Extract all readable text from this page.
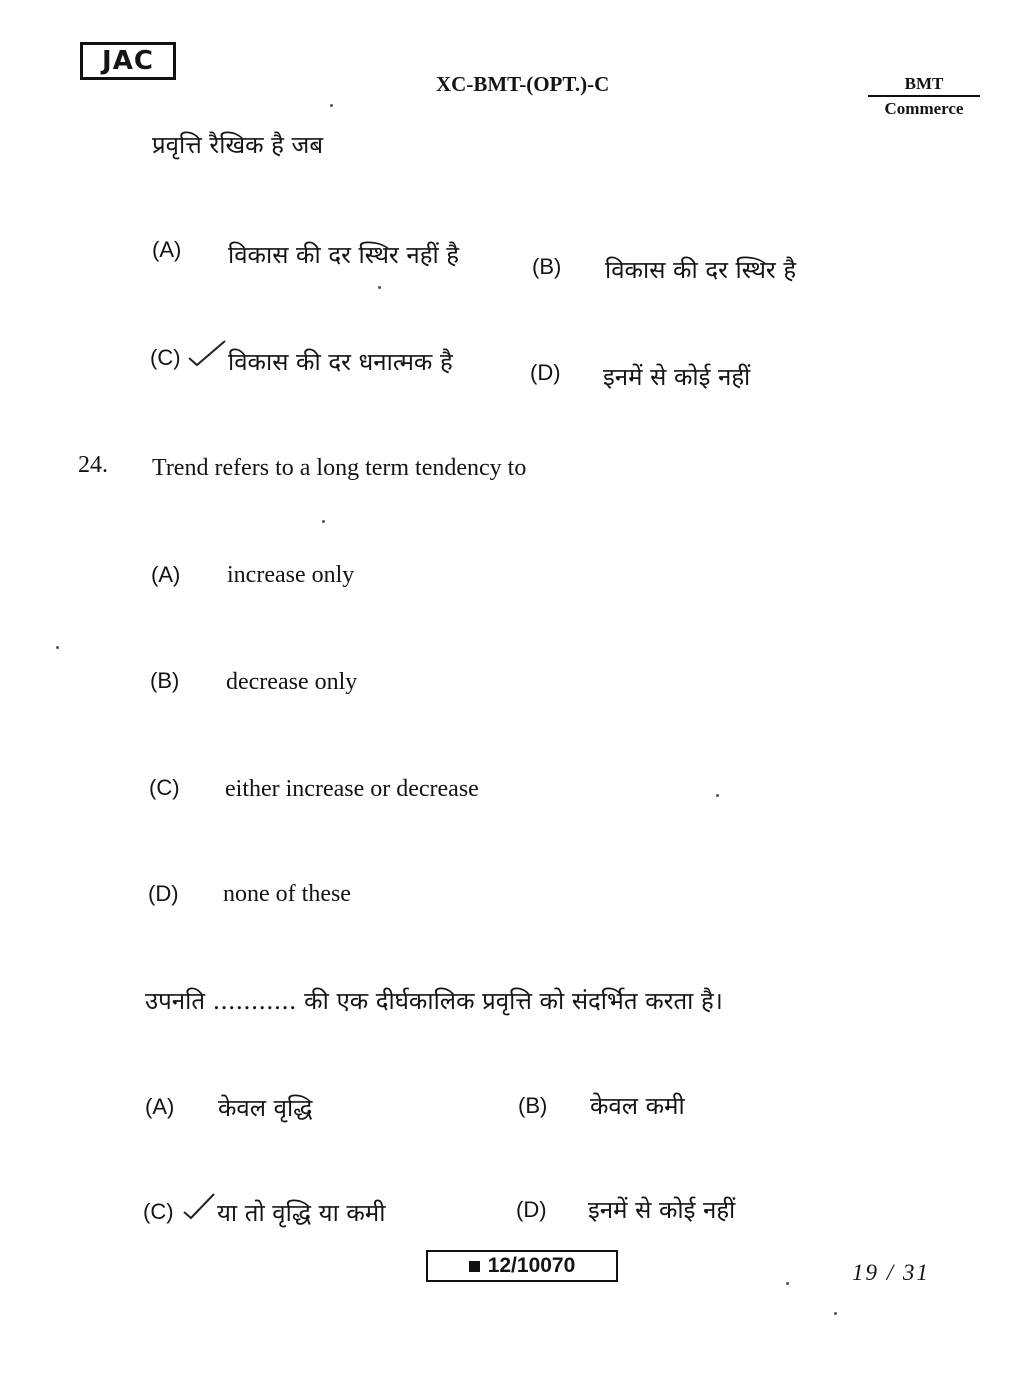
JAC
XC-BMT-(OPT.)-C	BMT
Commerce
प्रवृत्ति रैखिक है जब
(A) विकास की दर स्थिर नहीं है	(B) विकास की दर स्थिर है
(C) विकास की दर धनात्मक है	(D) इनमें से कोई नहीं
24. Trend refers to a long term tendency to
(A) increase only
(B) decrease only
(C) either increase or decrease
(D) none of these
उपनति ........... की एक दीर्घकालिक प्रवृत्ति को संदर्भित करता है।
(A) केवल वृद्धि	(B) केवल कमी
(C) या तो वृद्धि या कमी	(D) इनमें से कोई नहीं
12/10070	19 / 31
